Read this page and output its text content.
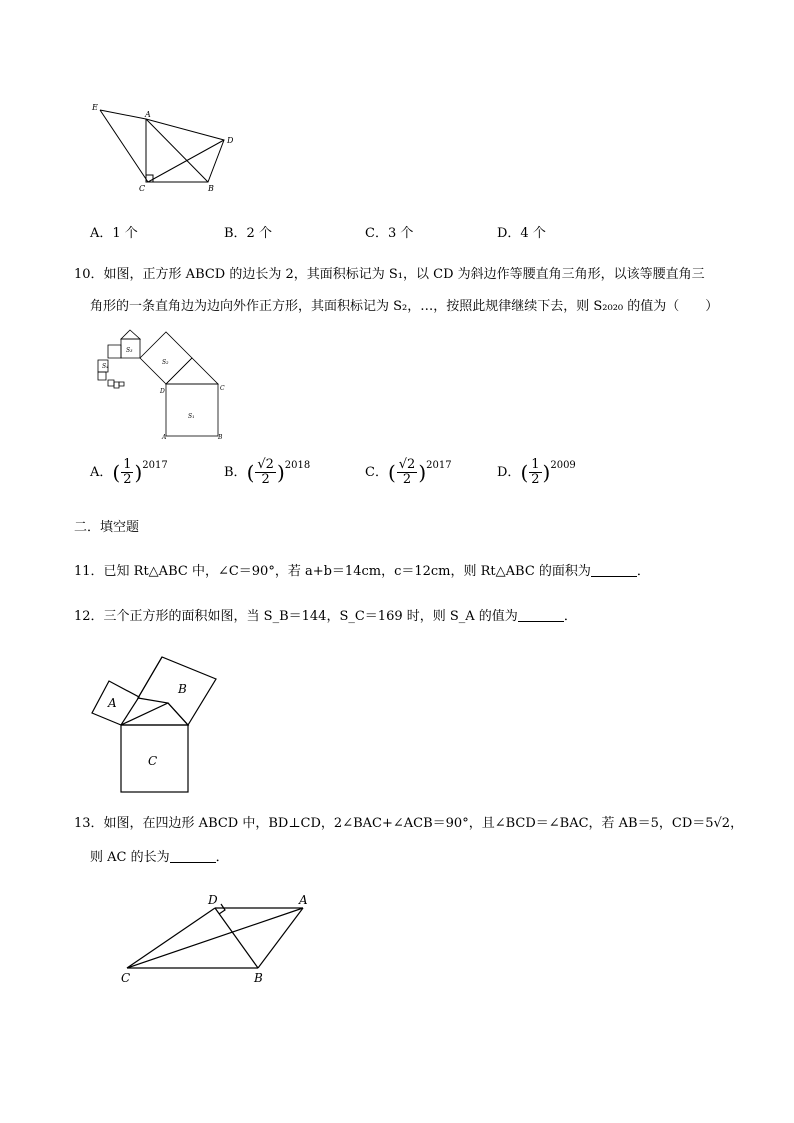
E
A
D
C	B
A．1 个	B．2 个	C．3 个	D．4 个
10．如图，正方形 ABCD 的边长为 2，其面积标记为 S₁，以 CD 为斜边作等腰直角三角形，以该等腰直角三
角形的一条直角边为边向外作正方形，其面积标记为 S₂，…，按照此规律继续下去，则 S₂₀₂₀ 的值为（　　）
S₁
S₂
S₃
S₄
D	C
A	B
A．( $\frac{1}{2} )^{2017}$	B．( $\frac{√2}{2} )^{2018}$	C．( $\frac{√2}{2} )^{2017}$	D．( $\frac{1}{2} )^{2009}$
二．填空题
11．已知 Rt△ABC 中，∠C＝90°，若 a+b＝14cm，c＝12cm，则 Rt△ABC 的面积为	．
12．三个正方形的面积如图，当 S_B＝144，S_C＝169 时，则 S_A 的值为	．
A
B
C
13．如图，在四边形 ABCD 中，BD⊥CD，2∠BAC+∠ACB＝90°，且∠BCD＝∠BAC，若 AB＝5，CD＝5√2，
则 AC 的长为	．
D	A
C	B
